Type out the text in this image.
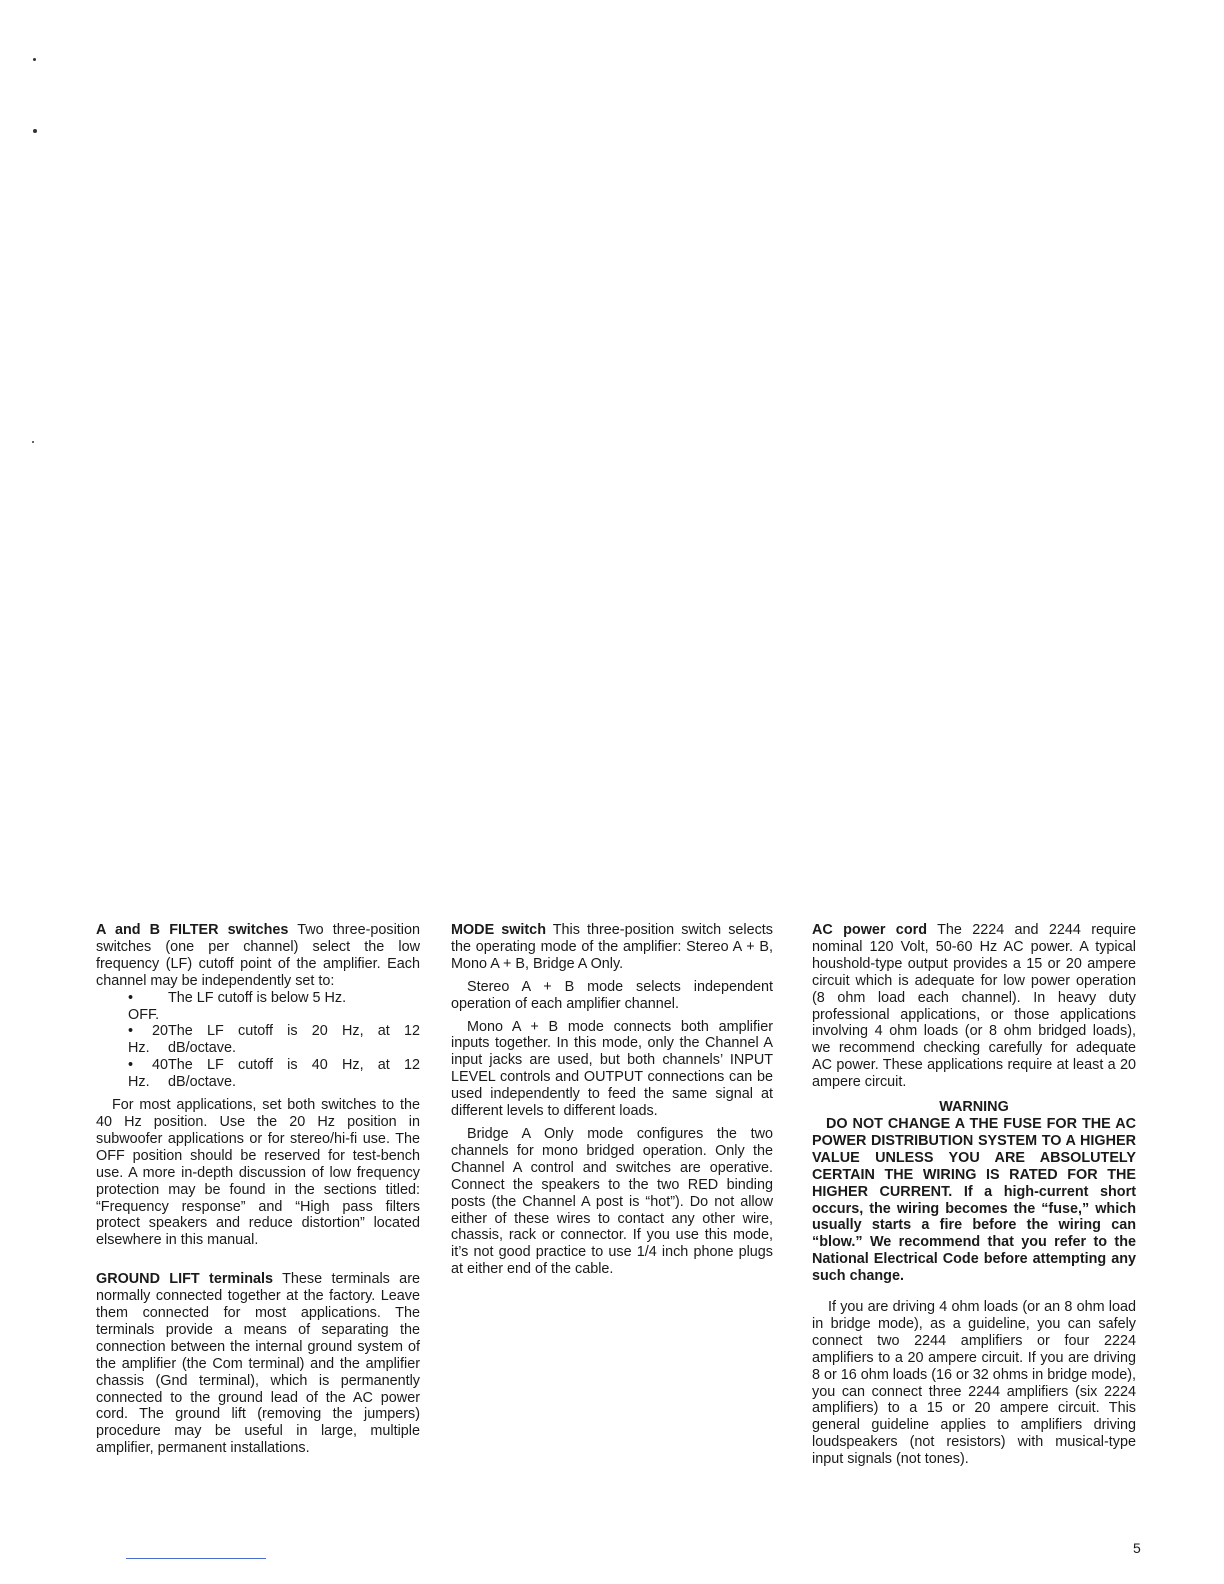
A and B FILTER switches Two three-position switches (one per channel) select the low frequency (LF) cutoff point of the amplifier. Each channel may be independently set to:

• OFF.
The LF cutoff is below 5 Hz.
• 20 Hz.
The LF cutoff is 20 Hz, at 12 dB/octave.
• 40 Hz.
The LF cutoff is 40 Hz, at 12 dB/octave.

For most applications, set both switches to the 40 Hz position. Use the 20 Hz position in subwoofer applications or for stereo/hi-fi use. The OFF position should be reserved for test-bench use. A more in-depth discussion of low frequency protection may be found in the sections titled: “Frequency response” and “High pass filters protect speakers and reduce distortion” located elsewhere in this manual.

GROUND LIFT terminals These terminals are normally connected together at the factory. Leave them connected for most applications. The terminals provide a means of separating the connection between the internal ground system of the amplifier (the Com terminal) and the amplifier chassis (Gnd terminal), which is permanently connected to the ground lead of the AC power cord. The ground lift (removing the jumpers) procedure may be useful in large, multiple amplifier, permanent installations.

MODE switch This three-position switch selects the operating mode of the amplifier: Stereo A + B, Mono A + B, Bridge A Only.

Stereo A + B mode selects independent operation of each amplifier channel.

Mono A + B mode connects both amplifier inputs together. In this mode, only the Channel A input jacks are used, but both channels’ INPUT LEVEL controls and OUTPUT connections can be used independently to feed the same signal at different levels to different loads.

Bridge A Only mode configures the two channels for mono bridged operation. Only the Channel A control and switches are operative. Connect the speakers to the two RED binding posts (the Channel A post is “hot”). Do not allow either of these wires to contact any other wire, chassis, rack or connector. If you use this mode, it’s not good practice to use 1/4 inch phone plugs at either end of the cable.

AC power cord The 2224 and 2244 require nominal 120 Volt, 50-60 Hz AC power. A typical houshold-type output provides a 15 or 20 ampere circuit which is adequate for low power operation (8 ohm load each channel). In heavy duty professional applications, or those applications involving 4 ohm loads (or 8 ohm bridged loads), we recommend checking carefully for adequate AC power. These applications require at least a 20 ampere circuit.

WARNING

DO NOT CHANGE A THE FUSE FOR THE AC POWER DISTRIBUTION SYSTEM TO A HIGHER VALUE UNLESS YOU ARE ABSOLUTELY CERTAIN THE WIRING IS RATED FOR THE HIGHER CURRENT. If a high-current short occurs, the wiring becomes the “fuse,” which usually starts a fire before the wiring can “blow.” We recommend that you refer to the National Electrical Code before attempting any such change.

If you are driving 4 ohm loads (or an 8 ohm load in bridge mode), as a guideline, you can safely connect two 2244 amplifiers or four 2224 amplifiers to a 20 ampere circuit. If you are driving 8 or 16 ohm loads (16 or 32 ohms in bridge mode), you can connect three 2244 amplifiers (six 2224 amplifiers) to a 15 or 20 ampere circuit. This general guideline applies to amplifiers driving loudspeakers (not resistors) with musical-type input signals (not tones).

5
